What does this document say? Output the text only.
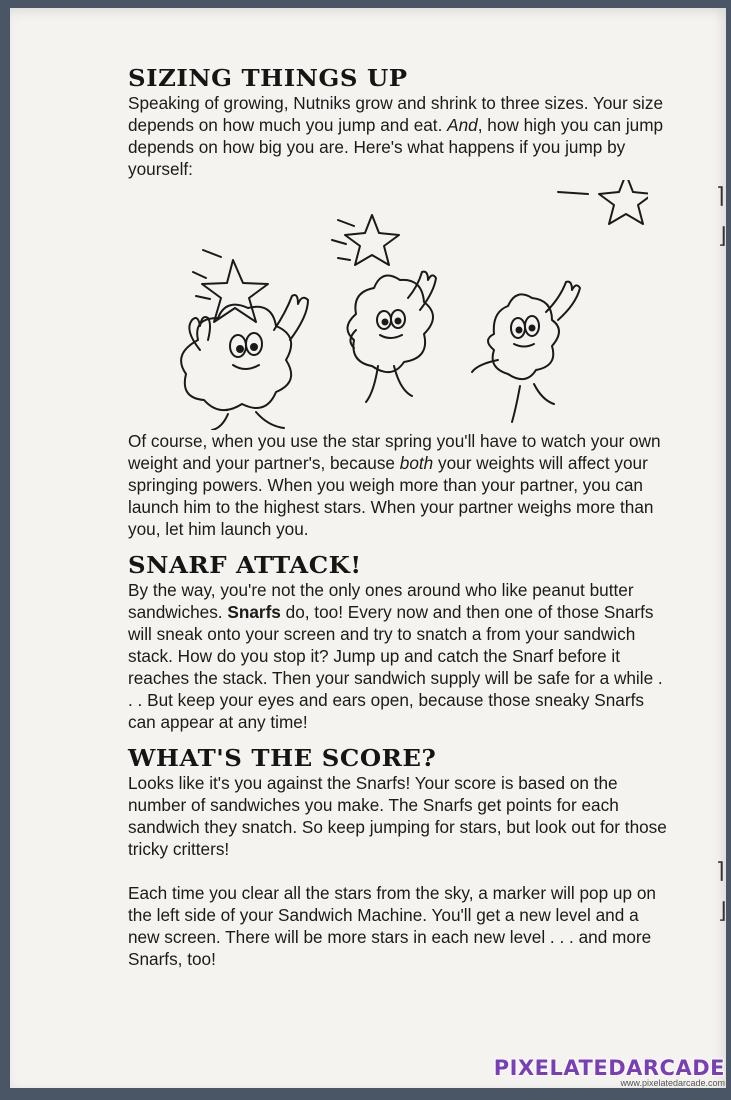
⌉
⌋
⌉
⌋
SIZING THINGS UP

Speaking of growing, Nutniks grow and shrink to three sizes. Your size depends on how much you jump and eat. And, how high you can jump depends on how big you are. Here's what happens if you jump by yourself:

Of course, when you use the star spring you'll have to watch your own weight and your partner's, because both your weights will affect your springing powers. When you weigh more than your partner, you can launch him to the highest stars. When your partner weighs more than you, let him launch you.

SNARF ATTACK!

By the way, you're not the only ones around who like peanut butter sandwiches. Snarfs do, too! Every now and then one of those Snarfs will sneak onto your screen and try to snatch a from your sandwich stack. How do you stop it? Jump up and catch the Snarf before it reaches the stack. Then your sandwich supply will be safe for a while . . . But keep your eyes and ears open, because those sneaky Snarfs can appear at any time!

WHAT'S THE SCORE?

Looks like it's you against the Snarfs! Your score is based on the number of sandwiches you make. The Snarfs get points for each sandwich they snatch. So keep jumping for stars, but look out for those tricky critters!

Each time you clear all the stars from the sky, a marker will pop up on the left side of your Sandwich Machine. You'll get a new level and a new screen. There will be more stars in each new level . . . and more Snarfs, too!

PIXELATEDARCADE
www.pixelatedarcade.com
